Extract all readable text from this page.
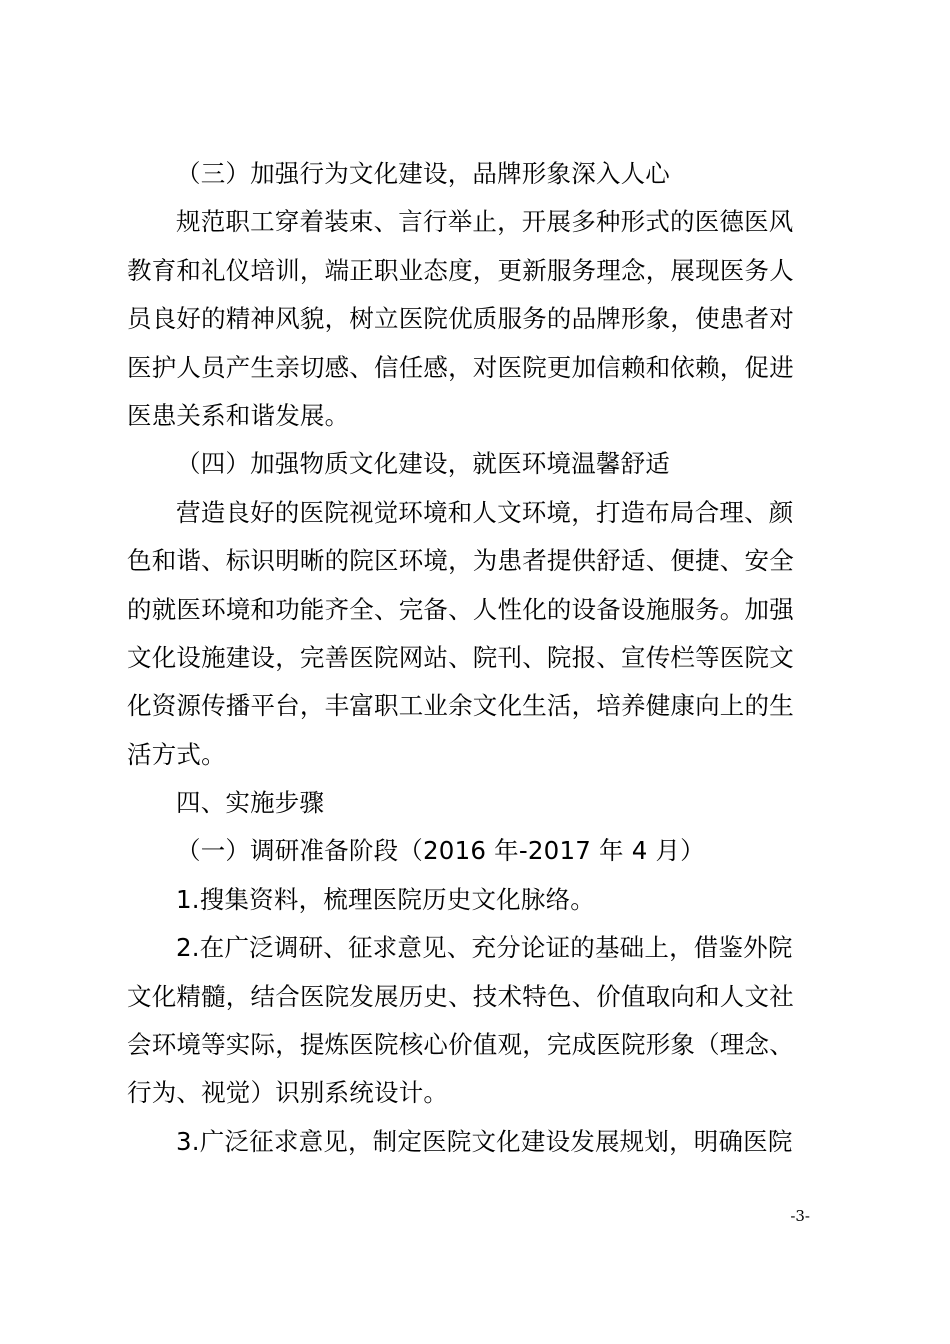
（三）加强行为文化建设，品牌形象深入人心
规范职工穿着装束、言行举止，开展多种形式的医德医风
教育和礼仪培训，端正职业态度，更新服务理念，展现医务人
员良好的精神风貌，树立医院优质服务的品牌形象，使患者对
医护人员产生亲切感、信任感，对医院更加信赖和依赖，促进
医患关系和谐发展。
（四）加强物质文化建设，就医环境温馨舒适
营造良好的医院视觉环境和人文环境，打造布局合理、颜
色和谐、标识明晰的院区环境，为患者提供舒适、便捷、安全
的就医环境和功能齐全、完备、人性化的设备设施服务。加强
文化设施建设，完善医院网站、院刊、院报、宣传栏等医院文
化资源传播平台，丰富职工业余文化生活，培养健康向上的生
活方式。
四、实施步骤
（一）调研准备阶段（2016 年-2017 年 4 月）
1.搜集资料，梳理医院历史文化脉络。
2.在广泛调研、征求意见、充分论证的基础上，借鉴外院
文化精髓，结合医院发展历史、技术特色、价值取向和人文社
会环境等实际，提炼医院核心价值观，完成医院形象（理念、
行为、视觉）识别系统设计。
3.广泛征求意见，制定医院文化建设发展规划，明确医院
-3-
